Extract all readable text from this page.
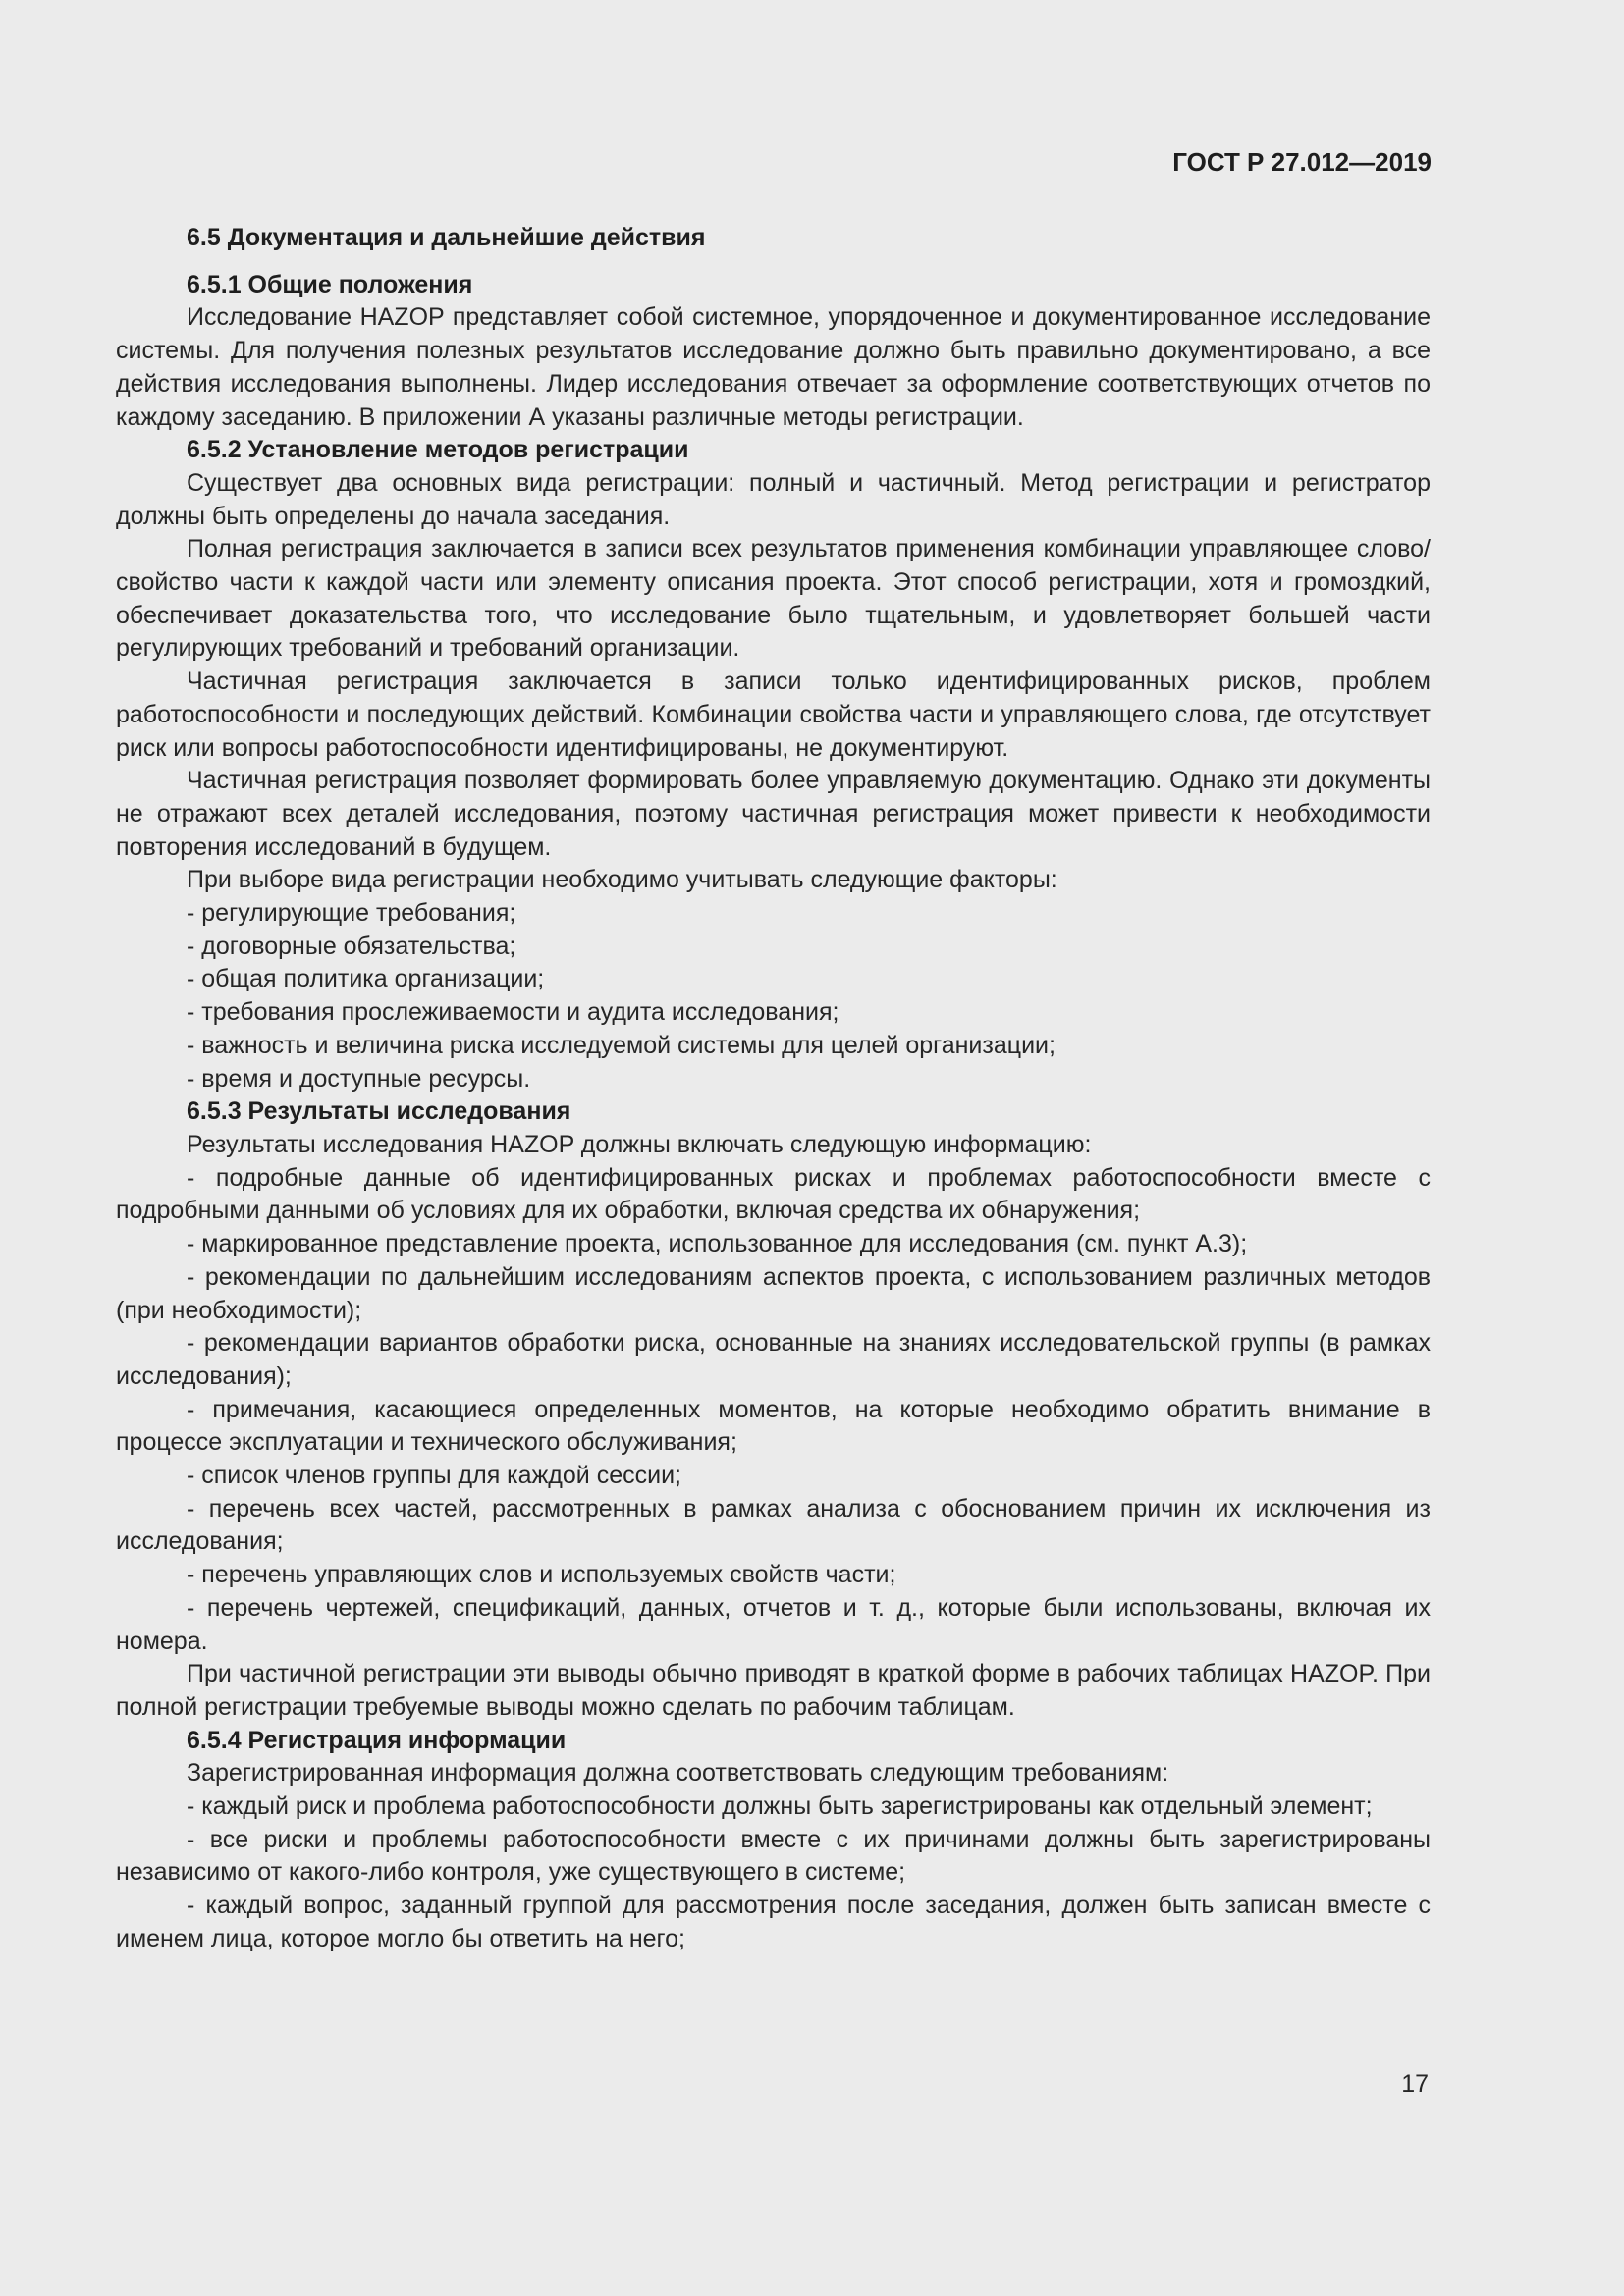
ГОСТ Р 27.012—2019

6.5 Документация и дальнейшие действия

6.5.1 Общие положения

Исследование HAZOP представляет собой системное, упорядоченное и документированное исследование системы. Для получения полезных результатов исследование должно быть правильно документировано, а все действия исследования выполнены. Лидер исследования отвечает за оформление соответствующих отчетов по каждому заседанию. В приложении А указаны различные методы регистрации.

6.5.2 Установление методов регистрации

Существует два основных вида регистрации: полный и частичный. Метод регистрации и регистратор должны быть определены до начала заседания.

Полная регистрация заключается в записи всех результатов применения комбинации управляющее слово/свойство части к каждой части или элементу описания проекта. Этот способ регистрации, хотя и громоздкий, обеспечивает доказательства того, что исследование было тщательным, и удовлетворяет большей части регулирующих требований и требований организации.

Частичная регистрация заключается в записи только идентифицированных рисков, проблем работоспособности и последующих действий. Комбинации свойства части и управляющего слова, где отсутствует риск или вопросы работоспособности идентифицированы, не документируют.

Частичная регистрация позволяет формировать более управляемую документацию. Однако эти документы не отражают всех деталей исследования, поэтому частичная регистрация может привести к необходимости повторения исследований в будущем.

При выборе вида регистрации необходимо учитывать следующие факторы:

- регулирующие требования;

- договорные обязательства;

- общая политика организации;

- требования прослеживаемости и аудита исследования;

- важность и величина риска исследуемой системы для целей организации;

- время и доступные ресурсы.

6.5.3 Результаты исследования

Результаты исследования HAZOP должны включать следующую информацию:

- подробные данные об идентифицированных рисках и проблемах работоспособности вместе с подробными данными об условиях для их обработки, включая средства их обнаружения;

- маркированное представление проекта, использованное для исследования (см. пункт А.3);

- рекомендации по дальнейшим исследованиям аспектов проекта, с использованием различных методов (при необходимости);

- рекомендации вариантов обработки риска, основанные на знаниях исследовательской группы (в рамках исследования);

- примечания, касающиеся определенных моментов, на которые необходимо обратить внимание в процессе эксплуатации и технического обслуживания;

- список членов группы для каждой сессии;

- перечень всех частей, рассмотренных в рамках анализа с обоснованием причин их исключения из исследования;

- перечень управляющих слов и используемых свойств части;

- перечень чертежей, спецификаций, данных, отчетов и т. д., которые были использованы, включая их номера.

При частичной регистрации эти выводы обычно приводят в краткой форме в рабочих таблицах HAZOP. При полной регистрации требуемые выводы можно сделать по рабочим таблицам.

6.5.4 Регистрация информации

Зарегистрированная информация должна соответствовать следующим требованиям:

- каждый риск и проблема работоспособности должны быть зарегистрированы как отдельный элемент;

- все риски и проблемы работоспособности вместе с их причинами должны быть зарегистрированы независимо от какого-либо контроля, уже существующего в системе;

- каждый вопрос, заданный группой для рассмотрения после заседания, должен быть записан вместе с именем лица, которое могло бы ответить на него;

17
